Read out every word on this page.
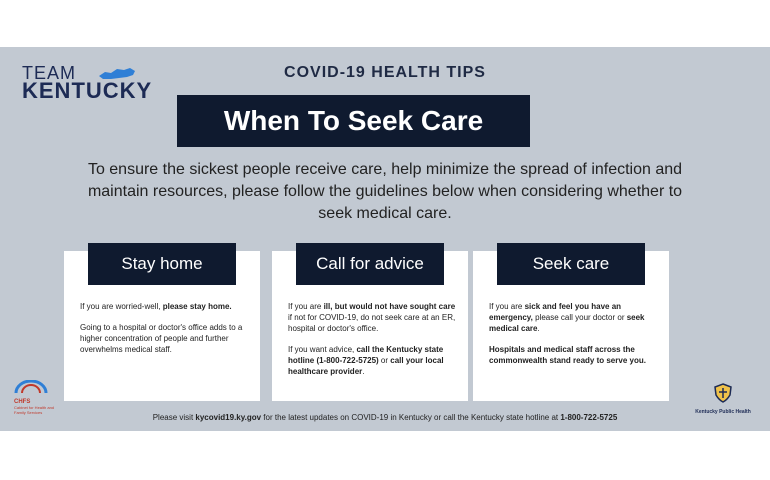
TEAM
KENTUCKY
COVID-19 HEALTH TIPS
When To Seek Care
To ensure the sickest people receive care, help minimize the spread of infection and maintain resources, please follow the guidelines below when considering whether to seek medical care.
Stay home

If you are worried-well, please stay home.

Going to a hospital or doctor's office adds to a higher concentration of people and further overwhelms medical staff.

Call for advice

If you are ill, but would not have sought care if not for COVID-19, do not seek care at an ER, hospital or doctor's office.

If you want advice, call the Kentucky state hotline (1-800-722-5725) or call your local healthcare provider.

Seek care

If you are sick and feel you have an emergency, please call your doctor or seek medical care.

Hospitals and medical staff across the commonwealth stand ready to serve you.

CHFS
Cabinet for Health and Family Services
Please visit kycovid19.ky.gov for the latest updates on COVID-19 in Kentucky or call the Kentucky state hotline at 1-800-722-5725
Kentucky Public Health
